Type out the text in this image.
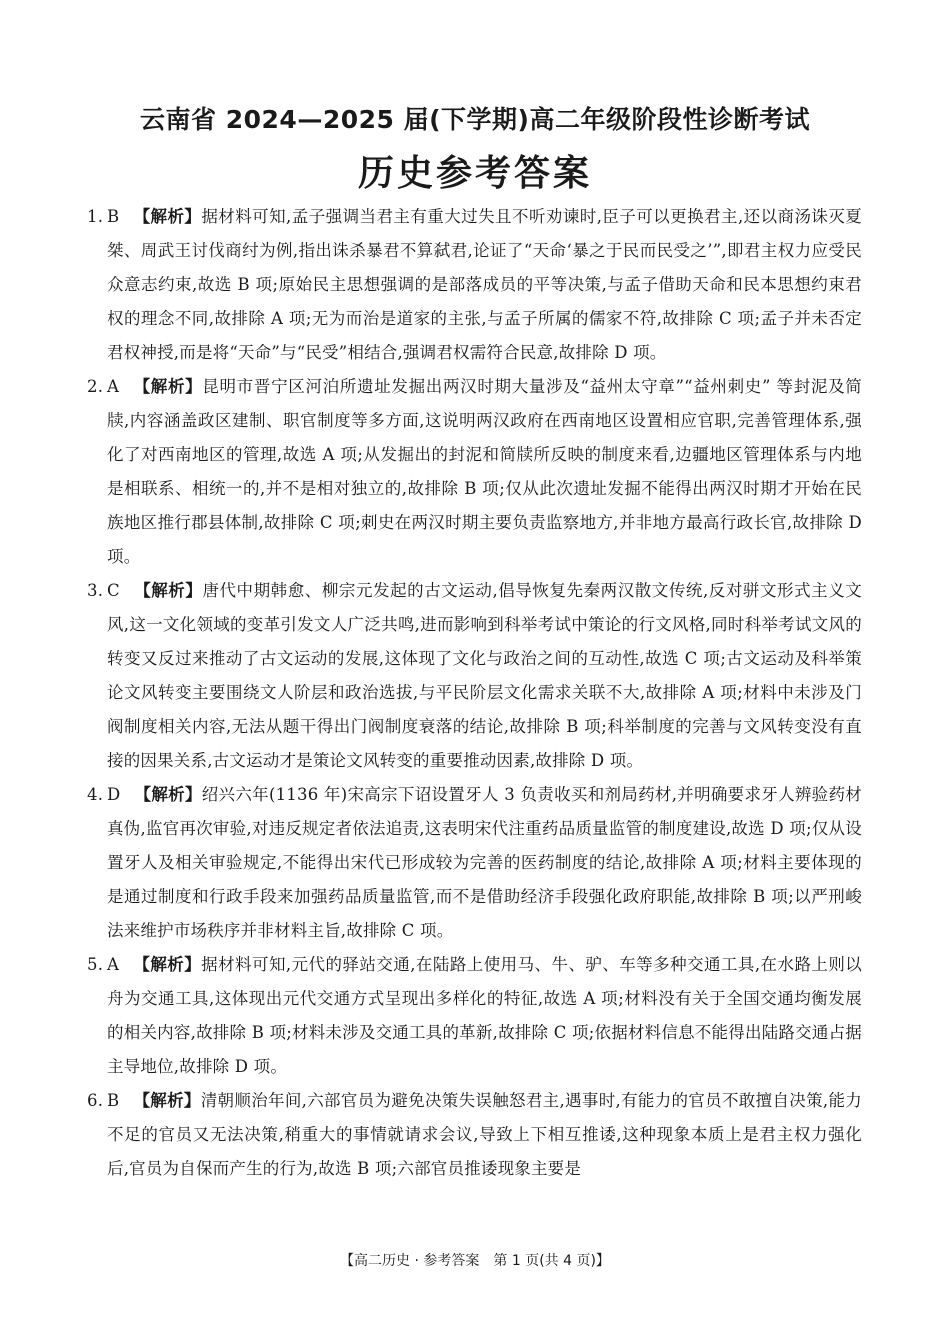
云南省 2024—2025 届(下学期)高二年级阶段性诊断考试
历史参考答案
1. B 【解析】据材料可知,孟子强调当君主有重大过失且不听劝谏时,臣子可以更换君主,还以商汤诛灭夏桀、周武王讨伐商纣为例,指出诛杀暴君不算弑君,论证了“天命‘暴之于民而民受之’”,即君主权力应受民众意志约束,故选 B 项;原始民主思想强调的是部落成员的平等决策,与孟子借助天命和民本思想约束君权的理念不同,故排除 A 项;无为而治是道家的主张,与孟子所属的儒家不符,故排除 C 项;孟子并未否定君权神授,而是将“天命”与“民受”相结合,强调君权需符合民意,故排除 D 项。
2. A 【解析】昆明市晋宁区河泊所遗址发掘出两汉时期大量涉及“益州太守章”“益州刺史” 等封泥及简牍,内容涵盖政区建制、职官制度等多方面,这说明两汉政府在西南地区设置相应官职,完善管理体系,强化了对西南地区的管理,故选 A 项;从发掘出的封泥和简牍所反映的制度来看,边疆地区管理体系与内地是相联系、相统一的,并不是相对独立的,故排除 B 项;仅从此次遗址发掘不能得出两汉时期才开始在民族地区推行郡县体制,故排除 C 项;刺史在两汉时期主要负责监察地方,并非地方最高行政长官,故排除 D 项。
3. C 【解析】唐代中期韩愈、柳宗元发起的古文运动,倡导恢复先秦两汉散文传统,反对骈文形式主义文风,这一文化领域的变革引发文人广泛共鸣,进而影响到科举考试中策论的行文风格,同时科举考试文风的转变又反过来推动了古文运动的发展,这体现了文化与政治之间的互动性,故选 C 项;古文运动及科举策论文风转变主要围绕文人阶层和政治选拔,与平民阶层文化需求关联不大,故排除 A 项;材料中未涉及门阀制度相关内容,无法从题干得出门阀制度衰落的结论,故排除 B 项;科举制度的完善与文风转变没有直接的因果关系,古文运动才是策论文风转变的重要推动因素,故排除 D 项。
4. D 【解析】绍兴六年(1136 年)宋高宗下诏设置牙人 3 负责收买和剂局药材,并明确要求牙人辨验药材真伪,监官再次审验,对违反规定者依法追责,这表明宋代注重药品质量监管的制度建设,故选 D 项;仅从设置牙人及相关审验规定,不能得出宋代已形成较为完善的医药制度的结论,故排除 A 项;材料主要体现的是通过制度和行政手段来加强药品质量监管,而不是借助经济手段强化政府职能,故排除 B 项;以严刑峻法来维护市场秩序并非材料主旨,故排除 C 项。
5. A 【解析】据材料可知,元代的驿站交通,在陆路上使用马、牛、驴、车等多种交通工具,在水路上则以舟为交通工具,这体现出元代交通方式呈现出多样化的特征,故选 A 项;材料没有关于全国交通均衡发展的相关内容,故排除 B 项;材料未涉及交通工具的革新,故排除 C 项;依据材料信息不能得出陆路交通占据主导地位,故排除 D 项。
6. B 【解析】清朝顺治年间,六部官员为避免决策失误触怒君主,遇事时,有能力的官员不敢擅自决策,能力不足的官员又无法决策,稍重大的事情就请求会议,导致上下相互推诿,这种现象本质上是君主权力强化后,官员为自保而产生的行为,故选 B 项;六部官员推诿现象主要是
【高二历史 · 参考答案　第 1 页(共 4 页)】
